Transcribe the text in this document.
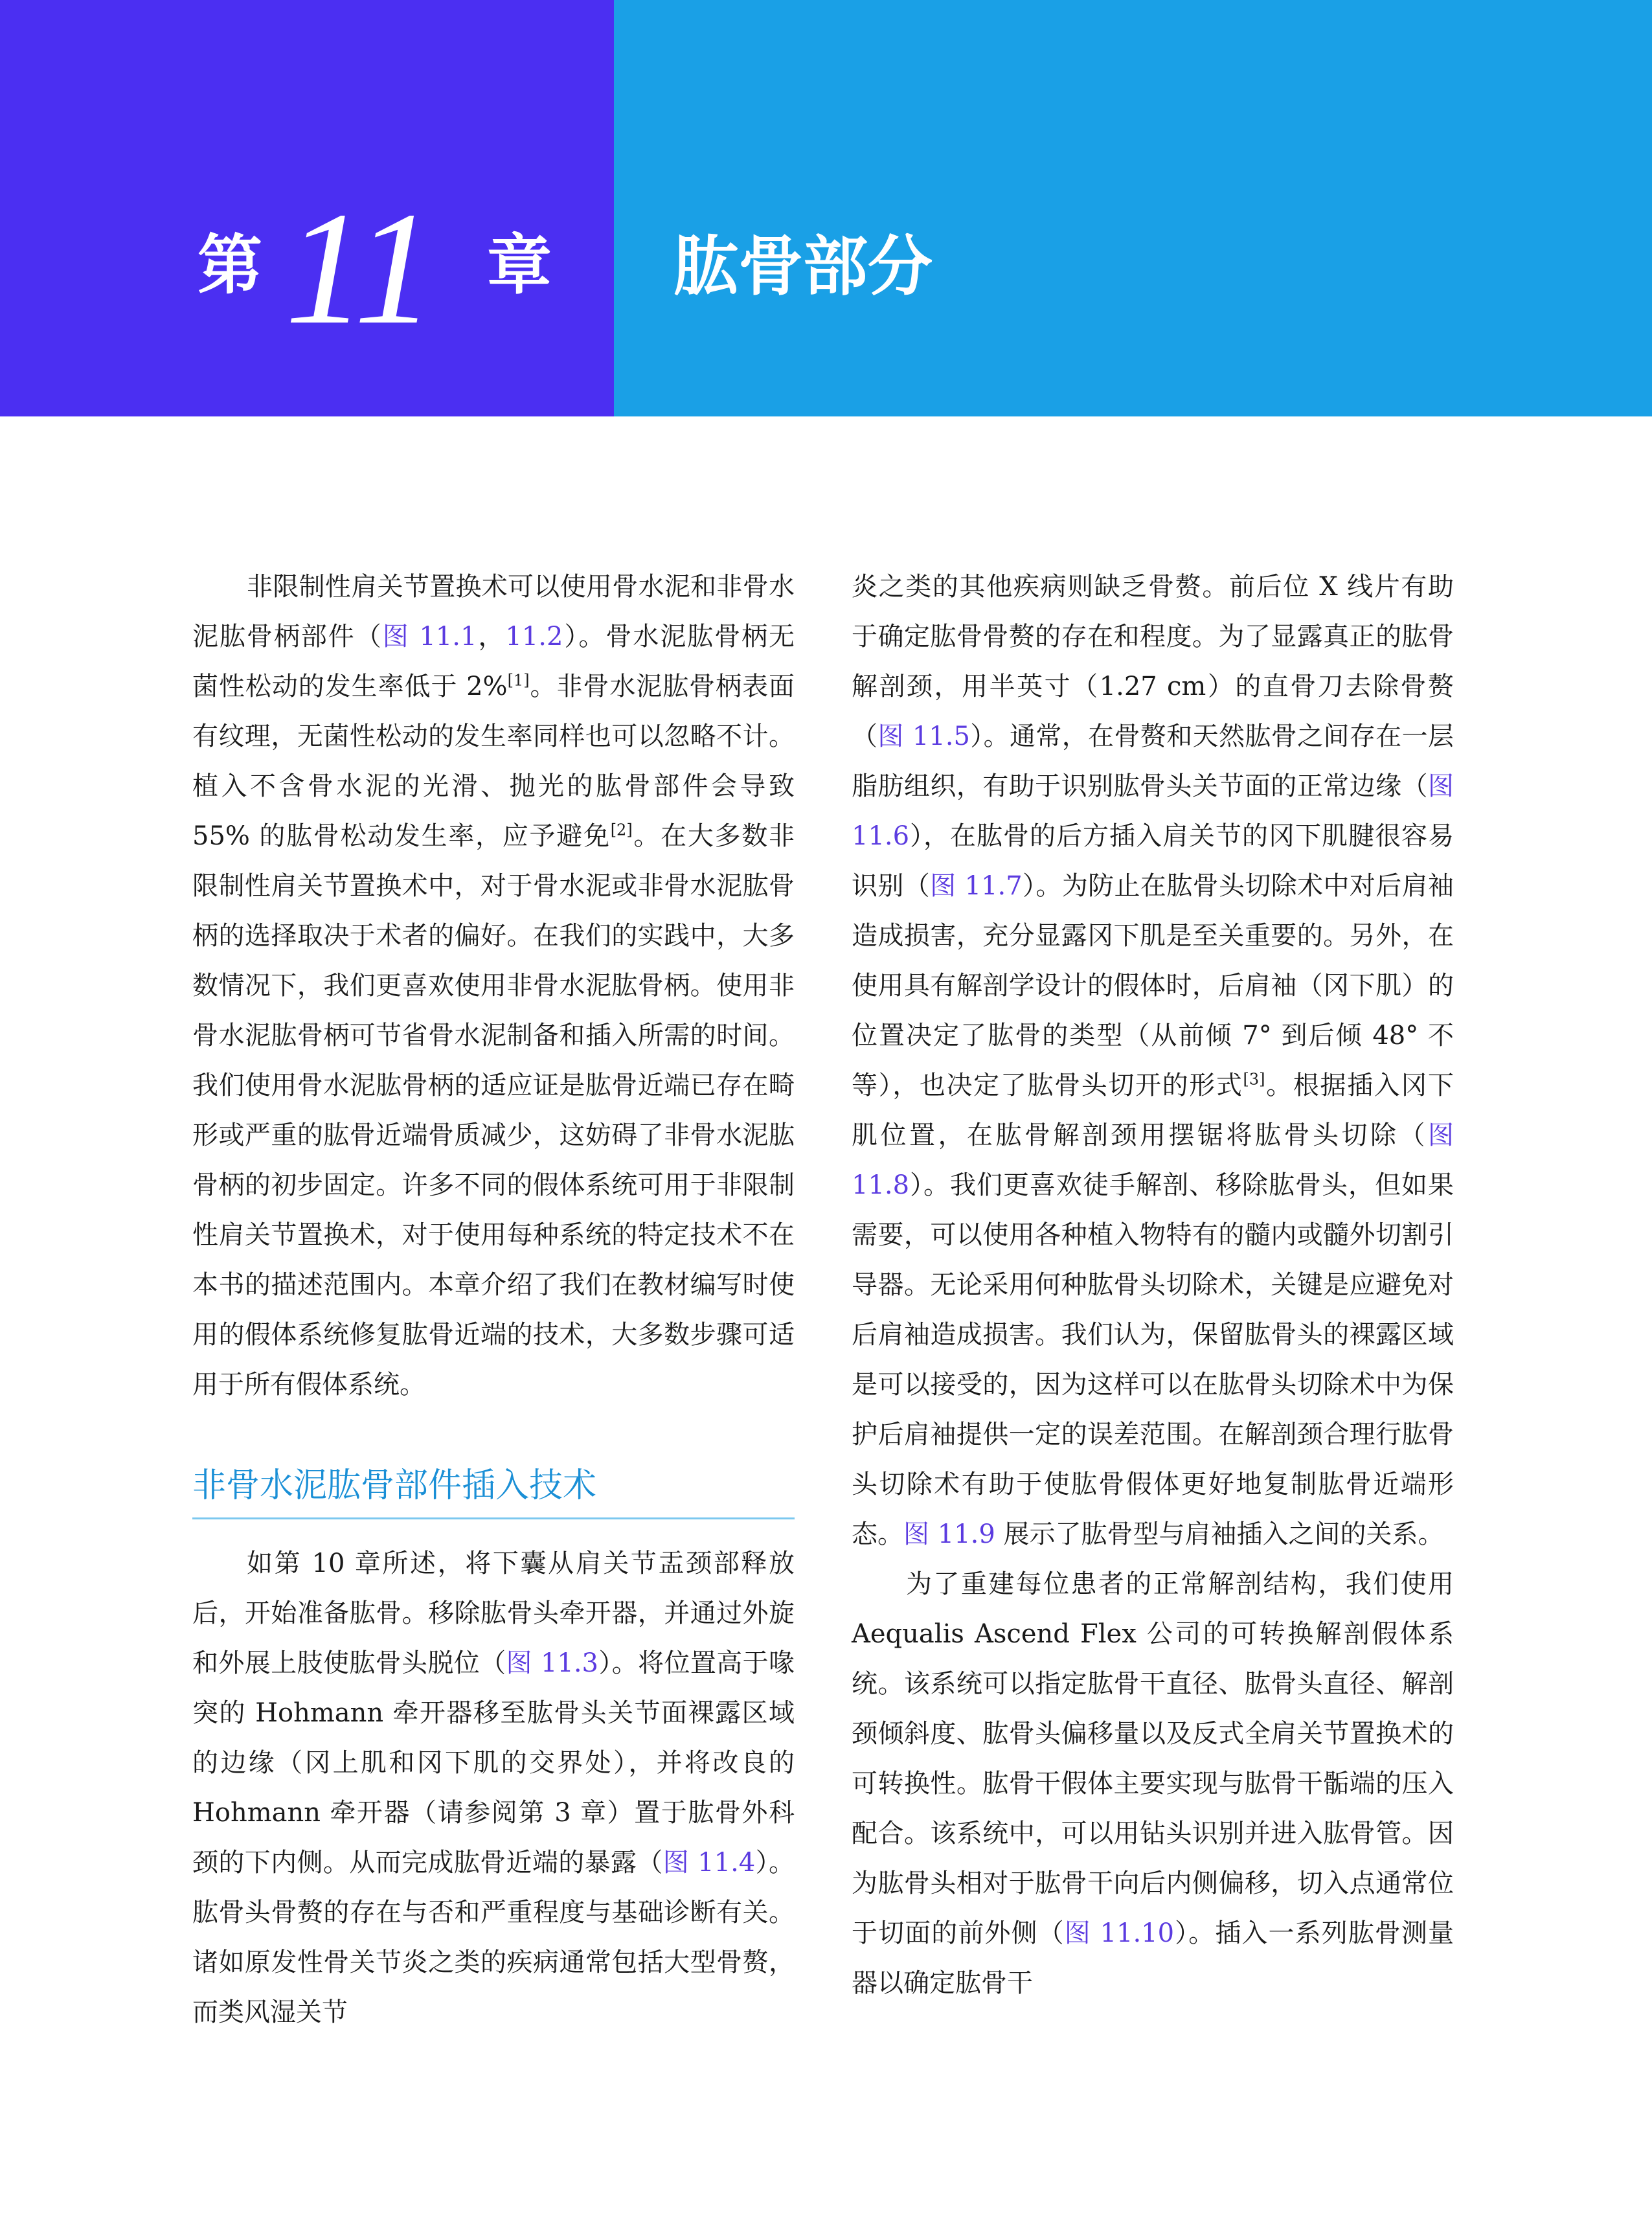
第 11 章 肱骨部分

非限制性肩关节置换术可以使用骨水泥和非骨水泥肱骨柄部件（图 11.1，11.2）。骨水泥肱骨柄无菌性松动的发生率低于 2%[1]。非骨水泥肱骨柄表面有纹理，无菌性松动的发生率同样也可以忽略不计。植入不含骨水泥的光滑、抛光的肱骨部件会导致 55% 的肱骨松动发生率，应予避免[2]。在大多数非限制性肩关节置换术中，对于骨水泥或非骨水泥肱骨柄的选择取决于术者的偏好。在我们的实践中，大多数情况下，我们更喜欢使用非骨水泥肱骨柄。使用非骨水泥肱骨柄可节省骨水泥制备和插入所需的时间。我们使用骨水泥肱骨柄的适应证是肱骨近端已存在畸形或严重的肱骨近端骨质减少，这妨碍了非骨水泥肱骨柄的初步固定。许多不同的假体系统可用于非限制性肩关节置换术，对于使用每种系统的特定技术不在本书的描述范围内。本章介绍了我们在教材编写时使用的假体系统修复肱骨近端的技术，大多数步骤可适用于所有假体系统。

非骨水泥肱骨部件插入技术

如第 10 章所述，将下囊从肩关节盂颈部释放后，开始准备肱骨。移除肱骨头牵开器，并通过外旋和外展上肢使肱骨头脱位（图 11.3）。将位置高于喙突的 Hohmann 牵开器移至肱骨头关节面裸露区域的边缘（冈上肌和冈下肌的交界处），并将改良的 Hohmann 牵开器（请参阅第 3 章）置于肱骨外科颈的下内侧。从而完成肱骨近端的暴露（图 11.4）。肱骨头骨赘的存在与否和严重程度与基础诊断有关。诸如原发性骨关节炎之类的疾病通常包括大型骨赘，而类风湿关节

炎之类的其他疾病则缺乏骨赘。前后位 X 线片有助于确定肱骨骨赘的存在和程度。为了显露真正的肱骨解剖颈，用半英寸（1.27 cm）的直骨刀去除骨赘（图 11.5）。通常，在骨赘和天然肱骨之间存在一层脂肪组织，有助于识别肱骨头关节面的正常边缘（图 11.6），在肱骨的后方插入肩关节的冈下肌腱很容易识别（图 11.7）。为防止在肱骨头切除术中对后肩袖造成损害，充分显露冈下肌是至关重要的。另外，在使用具有解剖学设计的假体时，后肩袖（冈下肌）的位置决定了肱骨的类型（从前倾 7° 到后倾 48° 不等），也决定了肱骨头切开的形式[3]。根据插入冈下肌位置，在肱骨解剖颈用摆锯将肱骨头切除（图 11.8）。我们更喜欢徒手解剖、移除肱骨头，但如果需要，可以使用各种植入物特有的髓内或髓外切割引导器。无论采用何种肱骨头切除术，关键是应避免对后肩袖造成损害。我们认为，保留肱骨头的裸露区域是可以接受的，因为这样可以在肱骨头切除术中为保护后肩袖提供一定的误差范围。在解剖颈合理行肱骨头切除术有助于使肱骨假体更好地复制肱骨近端形态。图 11.9 展示了肱骨型与肩袖插入之间的关系。

为了重建每位患者的正常解剖结构，我们使用 Aequalis Ascend Flex 公司的可转换解剖假体系统。该系统可以指定肱骨干直径、肱骨头直径、解剖颈倾斜度、肱骨头偏移量以及反式全肩关节置换术的可转换性。肱骨干假体主要实现与肱骨干骺端的压入配合。该系统中，可以用钻头识别并进入肱骨管。因为肱骨头相对于肱骨干向后内侧偏移，切入点通常位于切面的前外侧（图 11.10）。插入一系列肱骨测量器以确定肱骨干
